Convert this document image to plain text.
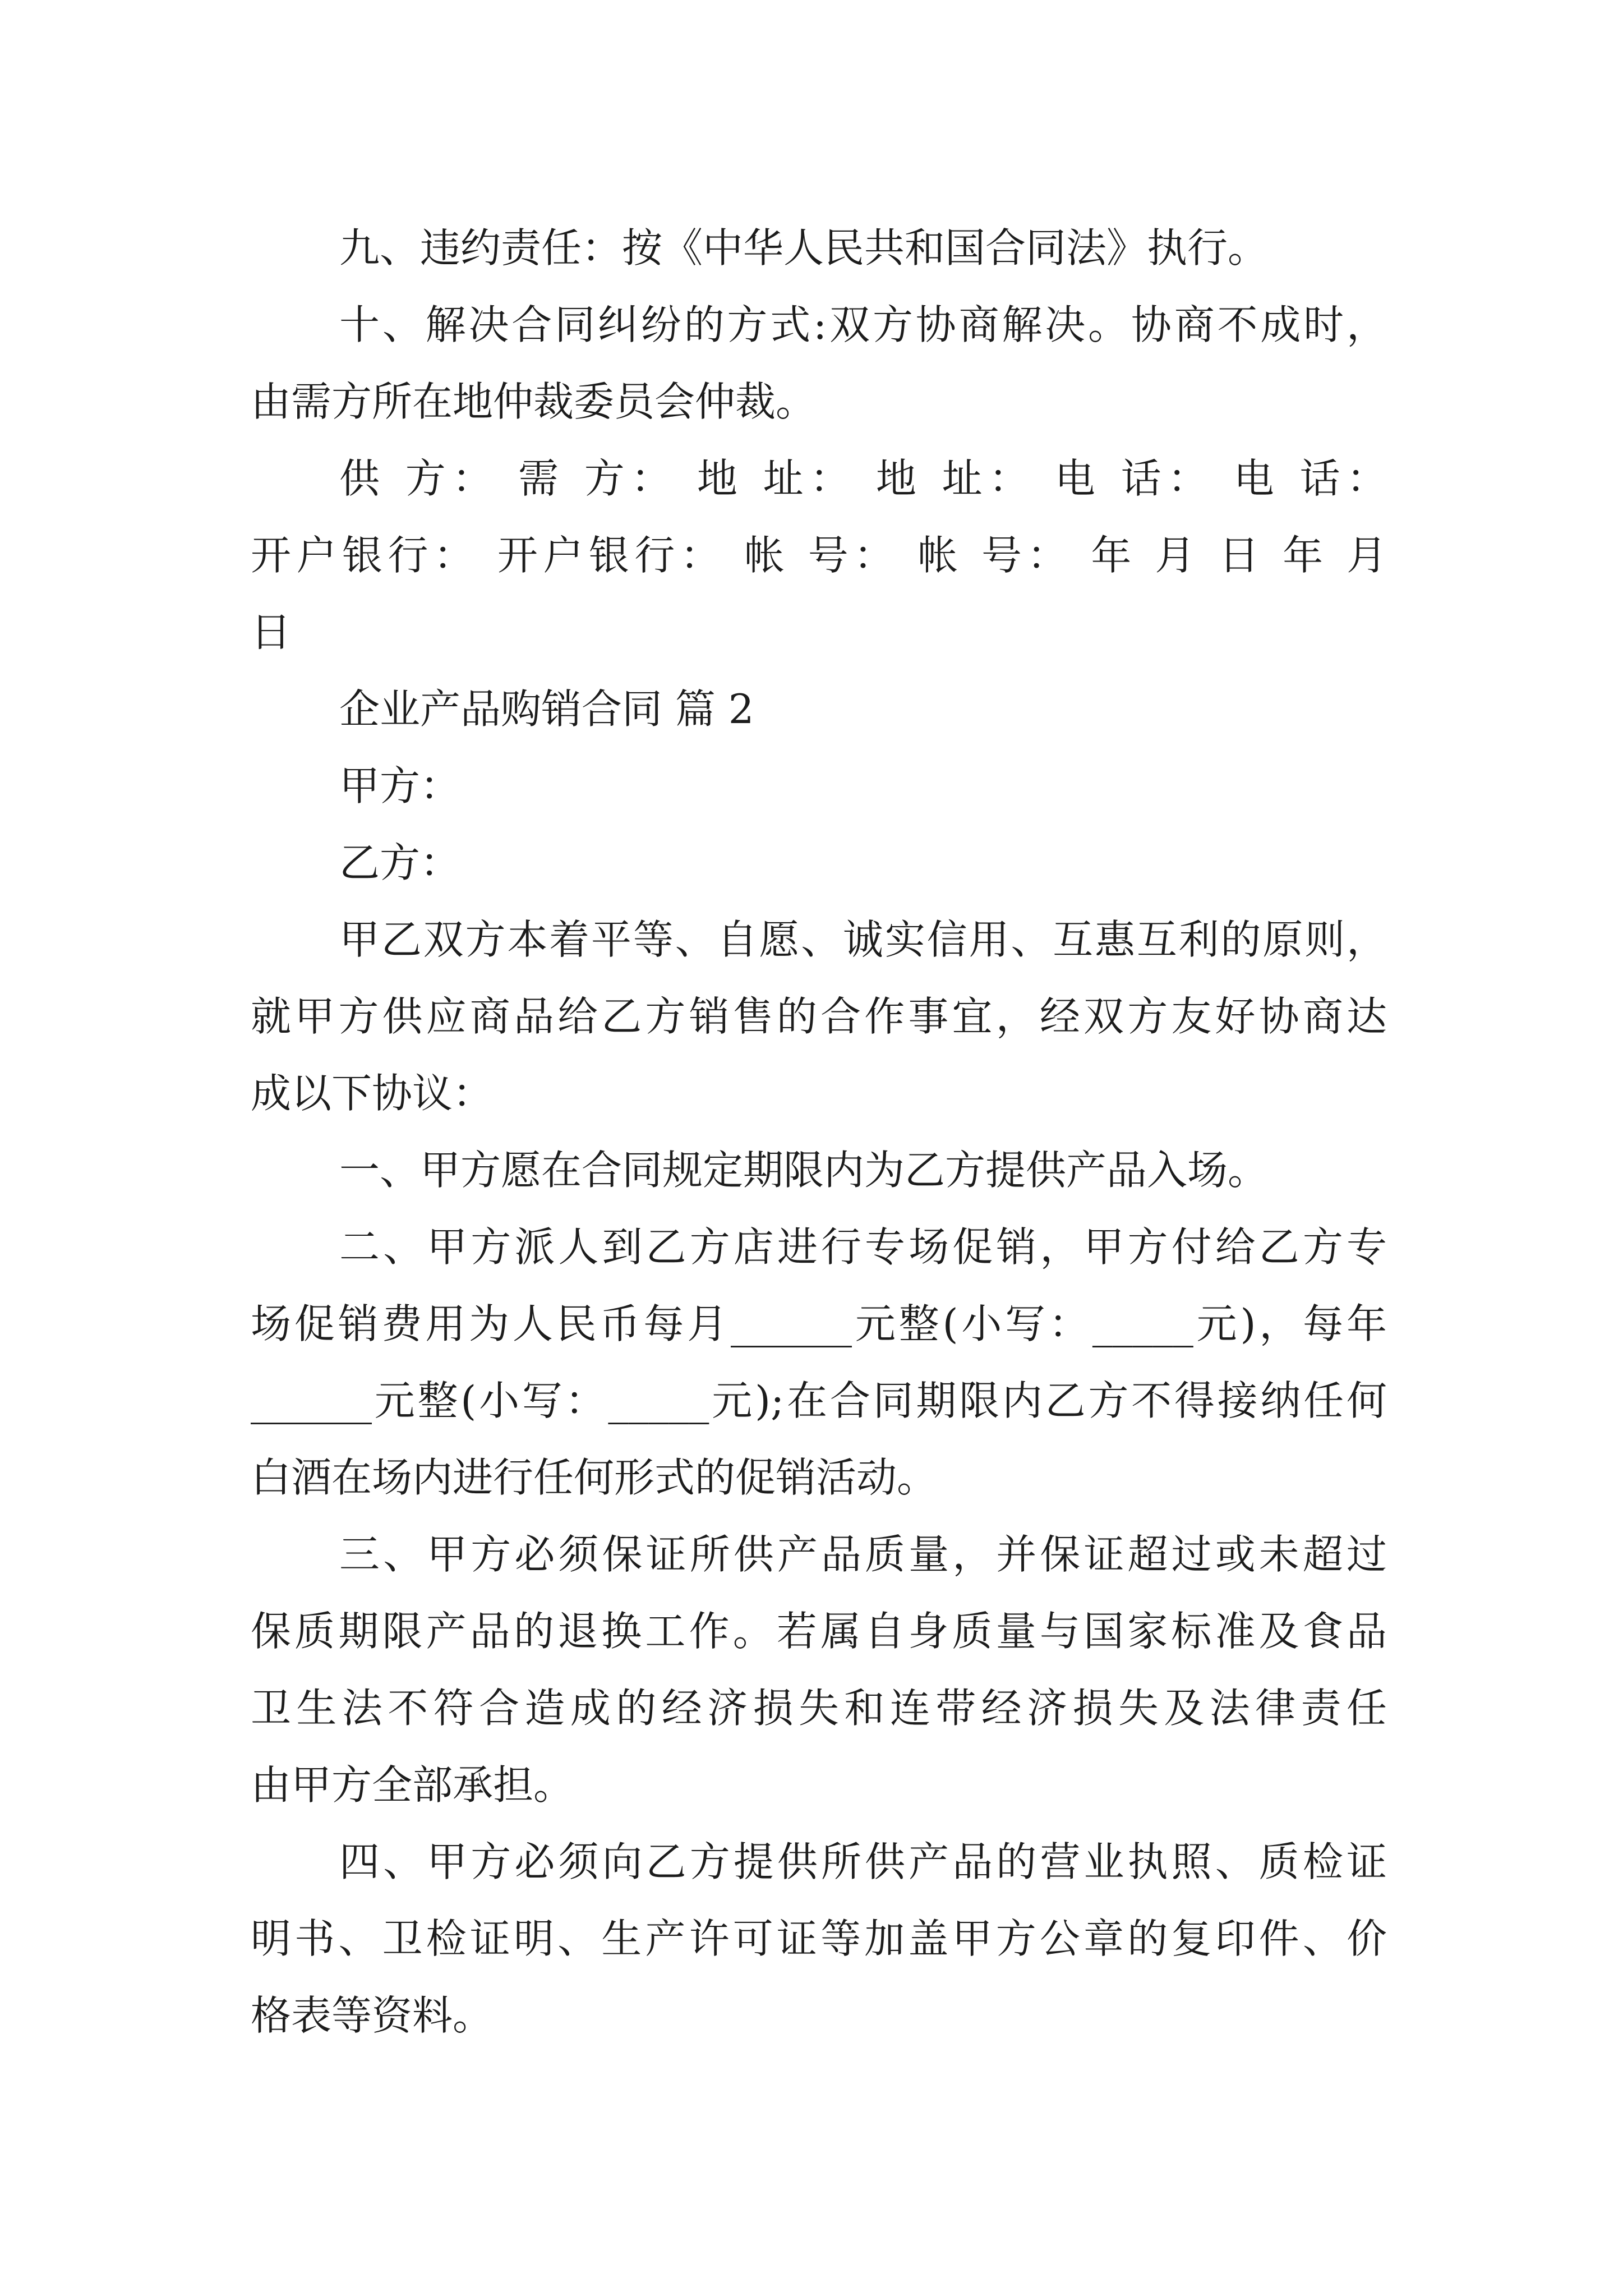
九、违约责任：按《中华人民共和国合同法》执行。
十、解决合同纠纷的方式:双方协商解决。协商不成时，
由需方所在地仲裁委员会仲裁。
供 方： 需 方： 地 址： 地 址： 电 话： 电 话：
开户银行： 开户银行： 帐 号： 帐 号： 年 月 日 年 月
日
企业产品购销合同 篇 2
甲方：
乙方：
甲乙双方本着平等、自愿、诚实信用、互惠互利的原则，
就甲方供应商品给乙方销售的合作事宜，经双方友好协商达
成以下协议：
一、甲方愿在合同规定期限内为乙方提供产品入场。
二、甲方派人到乙方店进行专场促销，甲方付给乙方专
场促销费用为人民币每月______元整(小写：_____元)，每年
______元整(小写：_____元);在合同期限内乙方不得接纳任何
白酒在场内进行任何形式的促销活动。
三、甲方必须保证所供产品质量，并保证超过或未超过
保质期限产品的退换工作。若属自身质量与国家标准及食品
卫生法不符合造成的经济损失和连带经济损失及法律责任
由甲方全部承担。
四、甲方必须向乙方提供所供产品的营业执照、质检证
明书、卫检证明、生产许可证等加盖甲方公章的复印件、价
格表等资料。
